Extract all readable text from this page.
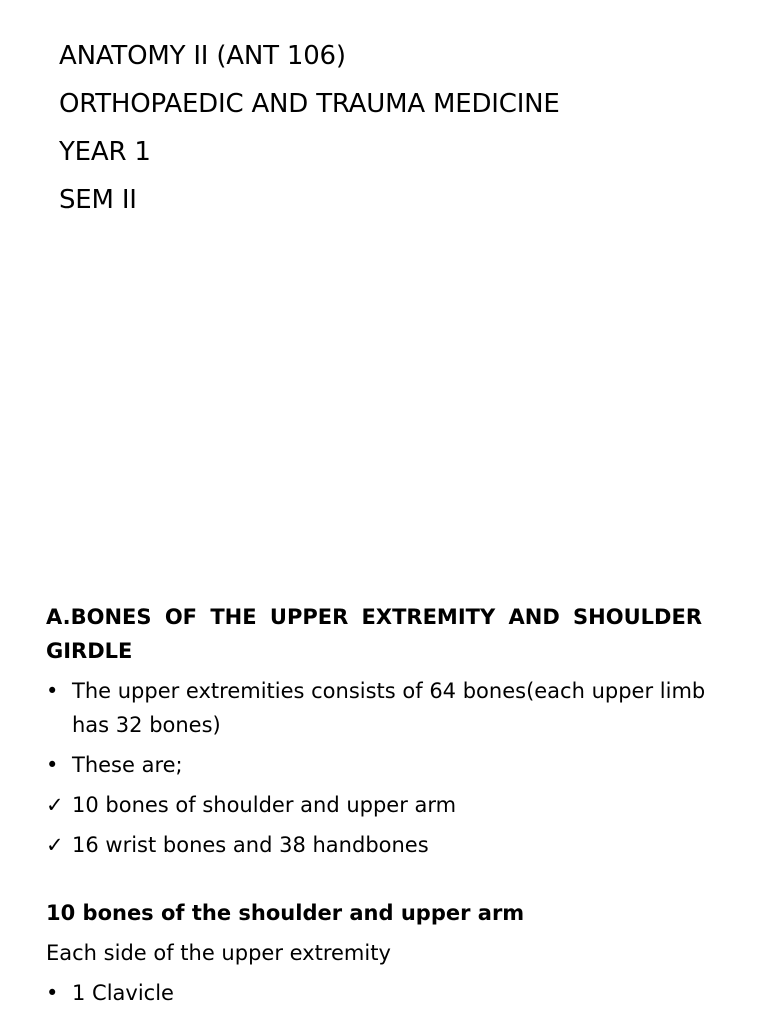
ANATOMY II (ANT 106)
ORTHOPAEDIC AND TRAUMA MEDICINE
YEAR 1
SEM II
A.BONES OF THE UPPER EXTREMITY AND SHOULDER
GIRDLE
• The upper extremities consists of 64 bones(each upper limb has 32 bones)
• These are;
✓ 10 bones of shoulder and upper arm
✓ 16 wrist bones and 38 handbones
10 bones of the shoulder and upper arm
Each side of the upper extremity
• 1 Clavicle
